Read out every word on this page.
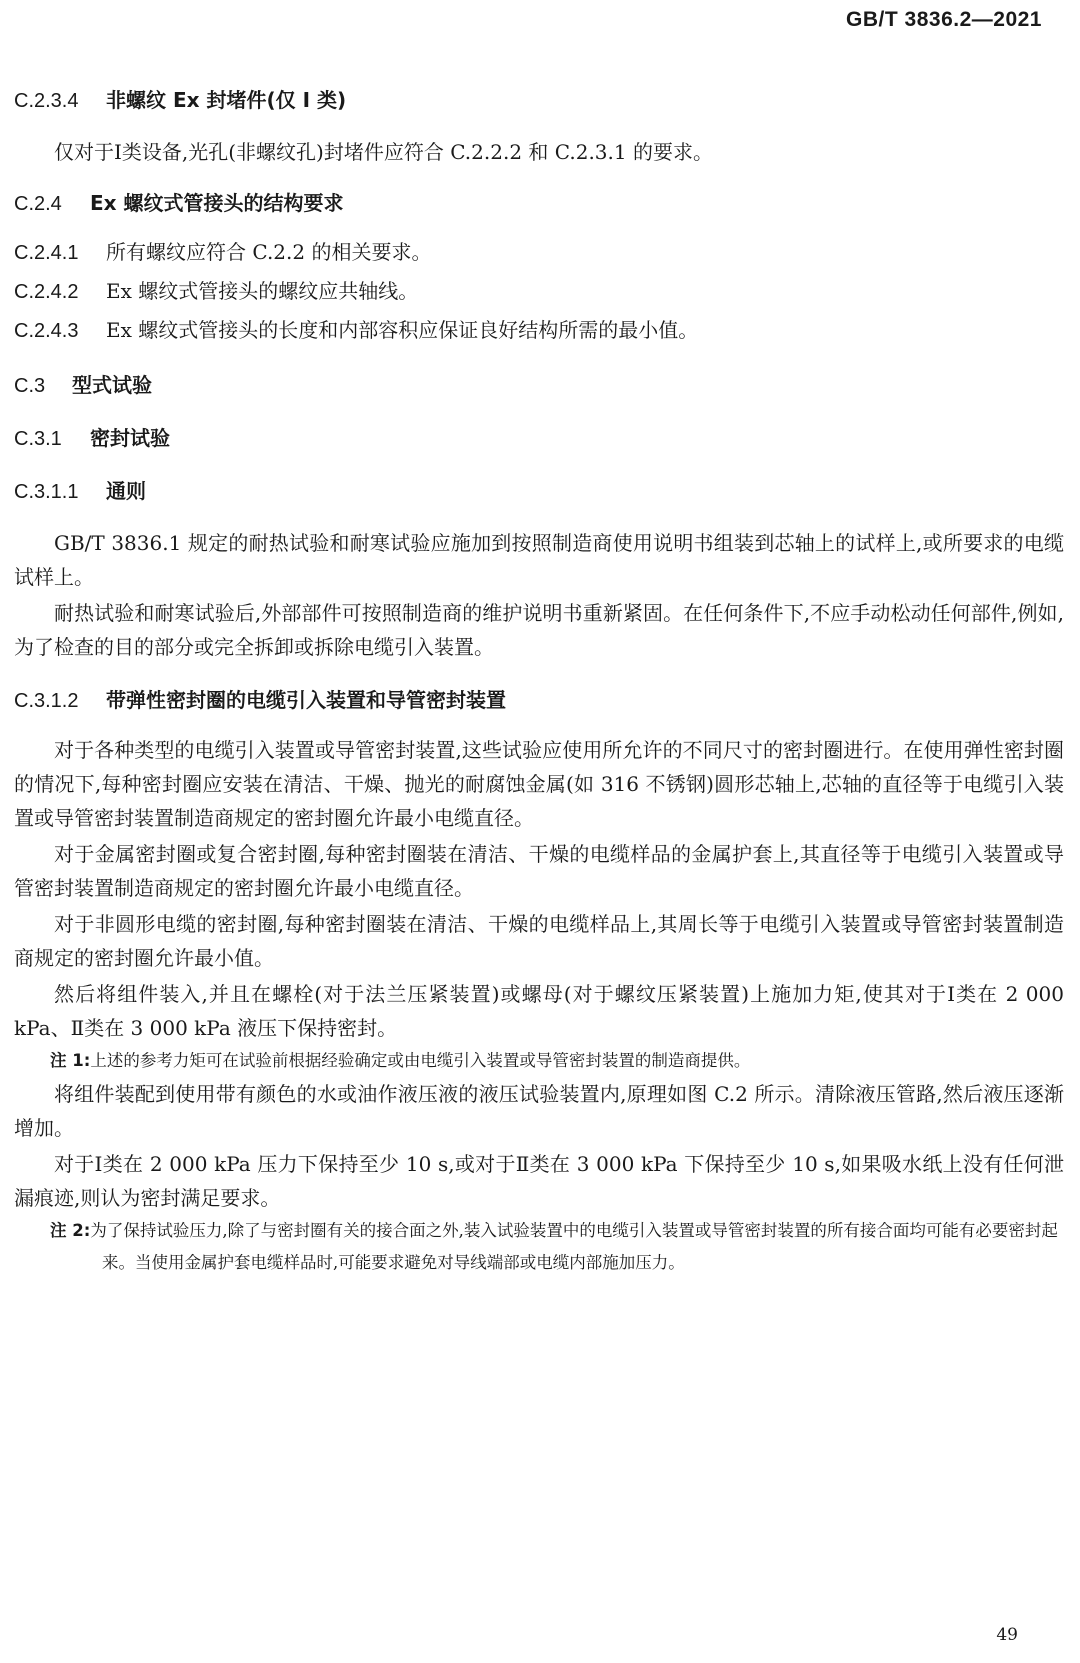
GB/T 3836.2—2021

C.2.3.4 非螺纹 Ex 封堵件(仅 Ⅰ 类)

仅对于Ⅰ类设备,光孔(非螺纹孔)封堵件应符合 C.2.2.2 和 C.2.3.1 的要求。

C.2.4 Ex 螺纹式管接头的结构要求

C.2.4.1 所有螺纹应符合 C.2.2 的相关要求。

C.2.4.2 Ex 螺纹式管接头的螺纹应共轴线。

C.2.4.3 Ex 螺纹式管接头的长度和内部容积应保证良好结构所需的最小值。

C.3 型式试验

C.3.1 密封试验

C.3.1.1 通则

GB/T 3836.1 规定的耐热试验和耐寒试验应施加到按照制造商使用说明书组装到芯轴上的试样上,或所要求的电缆试样上。

耐热试验和耐寒试验后,外部部件可按照制造商的维护说明书重新紧固。在任何条件下,不应手动松动任何部件,例如,为了检查的目的部分或完全拆卸或拆除电缆引入装置。

C.3.1.2 带弹性密封圈的电缆引入装置和导管密封装置

对于各种类型的电缆引入装置或导管密封装置,这些试验应使用所允许的不同尺寸的密封圈进行。在使用弹性密封圈的情况下,每种密封圈应安装在清洁、干燥、抛光的耐腐蚀金属(如 316 不锈钢)圆形芯轴上,芯轴的直径等于电缆引入装置或导管密封装置制造商规定的密封圈允许最小电缆直径。

对于金属密封圈或复合密封圈,每种密封圈装在清洁、干燥的电缆样品的金属护套上,其直径等于电缆引入装置或导管密封装置制造商规定的密封圈允许最小电缆直径。

对于非圆形电缆的密封圈,每种密封圈装在清洁、干燥的电缆样品上,其周长等于电缆引入装置或导管密封装置制造商规定的密封圈允许最小值。

然后将组件装入,并且在螺栓(对于法兰压紧装置)或螺母(对于螺纹压紧装置)上施加力矩,使其对于Ⅰ类在 2 000 kPa、Ⅱ类在 3 000 kPa 液压下保持密封。

注 1:上述的参考力矩可在试验前根据经验确定或由电缆引入装置或导管密封装置的制造商提供。

将组件装配到使用带有颜色的水或油作液压液的液压试验装置内,原理如图 C.2 所示。清除液压管路,然后液压逐渐增加。

对于Ⅰ类在 2 000 kPa 压力下保持至少 10 s,或对于Ⅱ类在 3 000 kPa 下保持至少 10 s,如果吸水纸上没有任何泄漏痕迹,则认为密封满足要求。

注 2:为了保持试验压力,除了与密封圈有关的接合面之外,装入试验装置中的电缆引入装置或导管密封装置的所有接合面均可能有必要密封起来。当使用金属护套电缆样品时,可能要求避免对导线端部或电缆内部施加压力。

49
